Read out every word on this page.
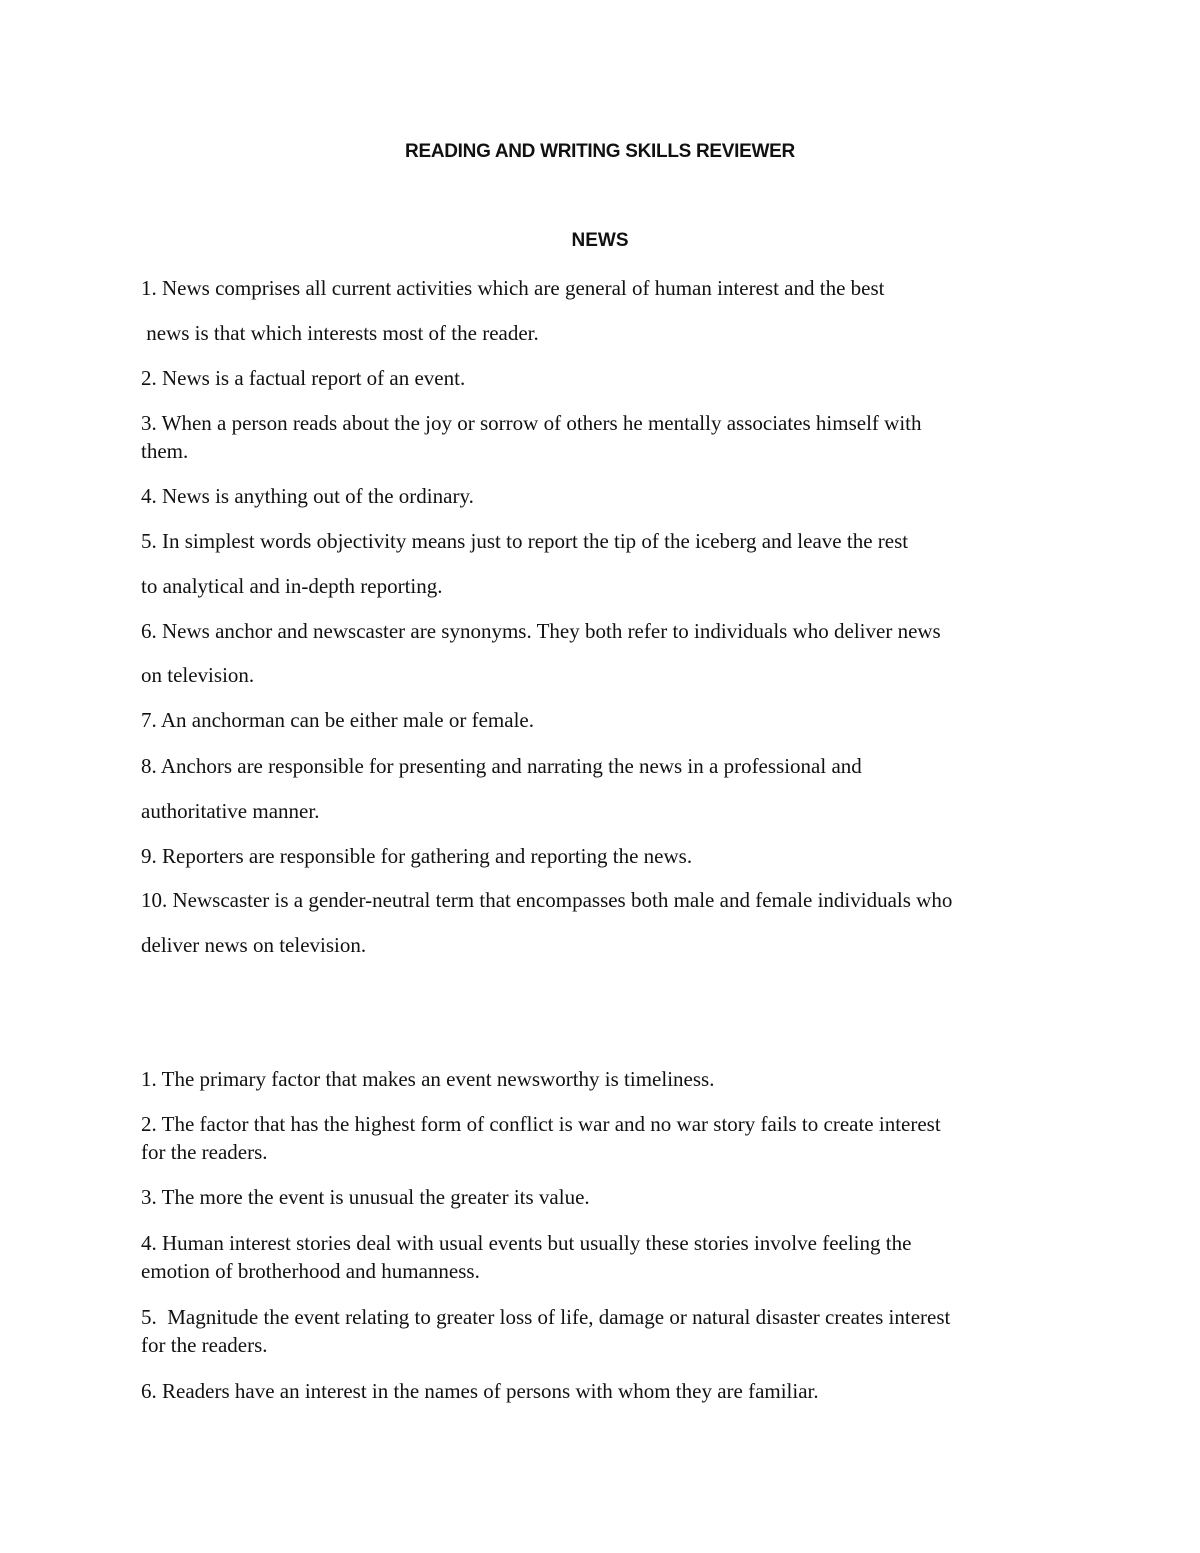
READING AND WRITING SKILLS REVIEWER
NEWS

1. News comprises all current activities which are general of human interest and the best

news is that which interests most of the reader.

2. News is a factual report of an event.

3. When a person reads about the joy or sorrow of others he mentally associates himself with

them.

4. News is anything out of the ordinary.

5. In simplest words objectivity means just to report the tip of the iceberg and leave the rest

to analytical and in-depth reporting.

6. News anchor and newscaster are synonyms. They both refer to individuals who deliver news

on television.

7. An anchorman can be either male or female.

8. Anchors are responsible for presenting and narrating the news in a professional and

authoritative manner.

9. Reporters are responsible for gathering and reporting the news.

10. Newscaster is a gender-neutral term that encompasses both male and female individuals who

deliver news on television.

1. The primary factor that makes an event newsworthy is timeliness.

2. The factor that has the highest form of conflict is war and no war story fails to create interest

for the readers.

3. The more the event is unusual the greater its value.

4. Human interest stories deal with usual events but usually these stories involve feeling the

emotion of brotherhood and humanness.

5.  Magnitude the event relating to greater loss of life, damage or natural disaster creates interest

for the readers.

6. Readers have an interest in the names of persons with whom they are familiar.
